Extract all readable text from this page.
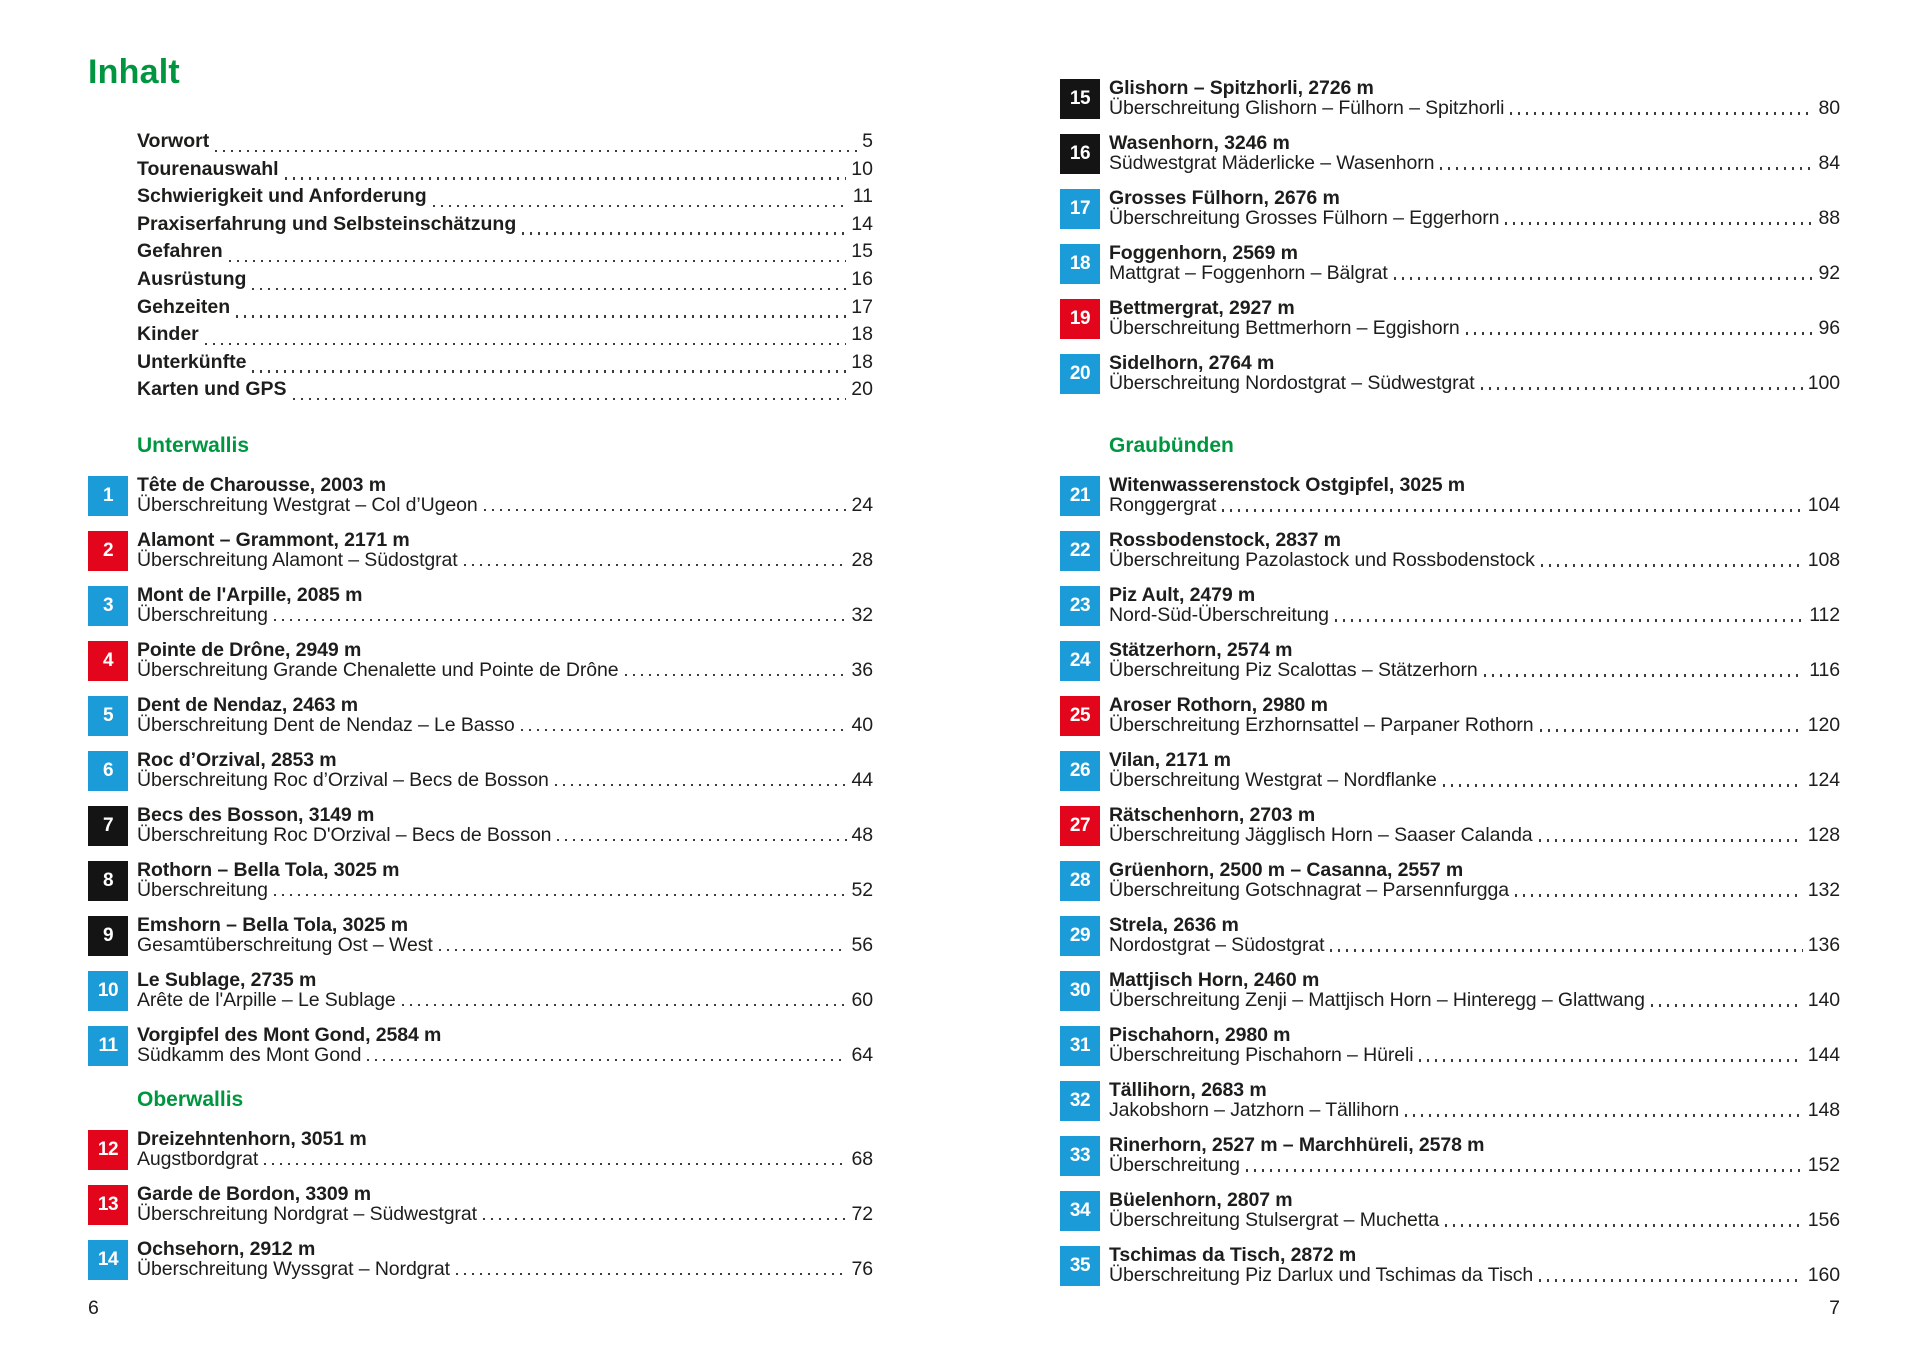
Inhalt
Vorwort	5
Tourenauswahl	10
Schwierigkeit und Anforderung	11
Praxiserfahrung und Selbsteinschätzung	14
Gefahren	15
Ausrüstung	16
Gehzeiten	17
Kinder	18
Unterkünfte	18
Karten und GPS	20
Unterwallis
1	Tête de Charousse, 2003 m
Überschreitung Westgrat – Col d’Ugeon	24
2	Alamont – Grammont, 2171 m
Überschreitung Alamont – Südostgrat	28
3	Mont de l'Arpille, 2085 m
Überschreitung	32
4	Pointe de Drône, 2949 m
Überschreitung Grande Chenalette und Pointe de Drône	36
5	Dent de Nendaz, 2463 m
Überschreitung Dent de Nendaz – Le Basso	40
6	Roc d’Orzival, 2853 m
Überschreitung Roc d’Orzival – Becs de Bosson	44
7	Becs des Bosson, 3149 m
Überschreitung Roc D'Orzival – Becs de Bosson	48
8	Rothorn – Bella Tola, 3025 m
Überschreitung	52
9	Emshorn – Bella Tola, 3025 m
Gesamtüberschreitung Ost – West	56
10 Le Sublage, 2735 m
Arête de l'Arpille – Le Sublage	60
11 Vorgipfel des Mont Gond, 2584 m
Südkamm des Mont Gond	64
Oberwallis
12 Dreizehntenhorn, 3051 m
Augstbordgrat	68
13 Garde de Bordon, 3309 m
Überschreitung Nordgrat – Südwestgrat	72
14 Ochsehorn, 2912 m
Überschreitung Wyssgrat – Nordgrat	76
15 Glishorn – Spitzhorli, 2726 m
Überschreitung Glishorn – Fülhorn – Spitzhorli	80
16 Wasenhorn, 3246 m
Südwestgrat Mäderlicke – Wasenhorn	84
17 Grosses Fülhorn, 2676 m
Überschreitung Grosses Fülhorn – Eggerhorn	88
18 Foggenhorn, 2569 m
Mattgrat – Foggenhorn – Bälgrat	92
19 Bettmergrat, 2927 m
Überschreitung Bettmerhorn – Eggishorn	96
20 Sidelhorn, 2764 m
Überschreitung Nordostgrat – Südwestgrat	100
Graubünden
21 Witenwasserenstock Ostgipfel, 3025 m
Ronggergrat	104
22 Rossbodenstock, 2837 m
Überschreitung Pazolastock und Rossbodenstock	108
23 Piz Ault, 2479 m
Nord-Süd-Überschreitung	112
24 Stätzerhorn, 2574 m
Überschreitung Piz Scalottas – Stätzerhorn	116
25 Aroser Rothorn, 2980 m
Überschreitung Erzhornsattel – Parpaner Rothorn	120
26 Vilan, 2171 m
Überschreitung Westgrat – Nordflanke	124
27 Rätschenhorn, 2703 m
Überschreitung Jägglisch Horn – Saaser Calanda	128
28 Grüenhorn, 2500 m – Casanna, 2557 m
Überschreitung Gotschnagrat – Parsennfurgga	132
29 Strela, 2636 m
Nordostgrat – Südostgrat	136
30 Mattjisch Horn, 2460 m
Überschreitung Zenji – Mattjisch Horn – Hinteregg – Glattwang	140
31 Pischahorn, 2980 m
Überschreitung Pischahorn – Hüreli	144
32 Tällihorn, 2683 m
Jakobshorn – Jatzhorn – Tällihorn	148
33 Rinerhorn, 2527 m – Marchhüreli, 2578 m
Überschreitung	152
34 Büelenhorn, 2807 m
Überschreitung Stulsergrat – Muchetta	156
35 Tschimas da Tisch, 2872 m
Überschreitung Piz Darlux und Tschimas da Tisch	160
6	7
